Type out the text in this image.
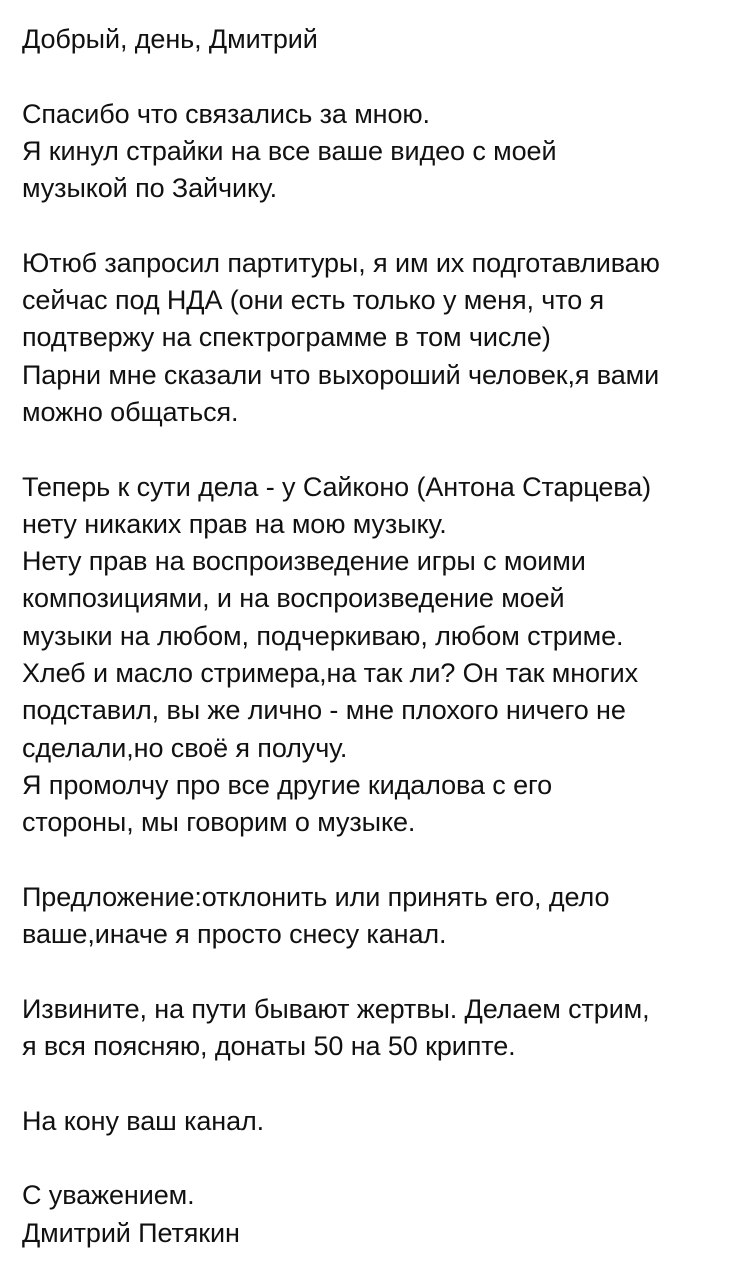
Добрый, день, Дмитрий
Спасибо что связались за мною.
Я кинул страйки на все ваше видео с моей
музыкой по Зайчику.
Ютюб запросил партитуры, я им их подготавливаю
сейчас под НДА (они есть только у меня, что я
подтвержу на спектрограмме в том числе)
Парни мне сказали что выхороший человек,я вами
можно общаться.
Теперь к сути дела - у Сайконо (Антона Старцева)
нету никаких прав на мою музыку.
Нету прав на воспроизведение игры с моими
композициями, и на воспроизведение моей
музыки на любом, подчеркиваю, любом стриме.
Хлеб и масло стримера,на так ли? Он так многих
подставил, вы же лично - мне плохого ничего не
сделали,но своё я получу.
Я промолчу про все другие кидалова с его
стороны, мы говорим о музыке.
Предложение:отклонить или принять его, дело
ваше,иначе я просто снесу канал.
Извините, на пути бывают жертвы. Делаем стрим,
я вся поясняю, донаты 50 на 50 крипте.
На кону ваш канал.
С уважением.
Дмитрий Петякин
